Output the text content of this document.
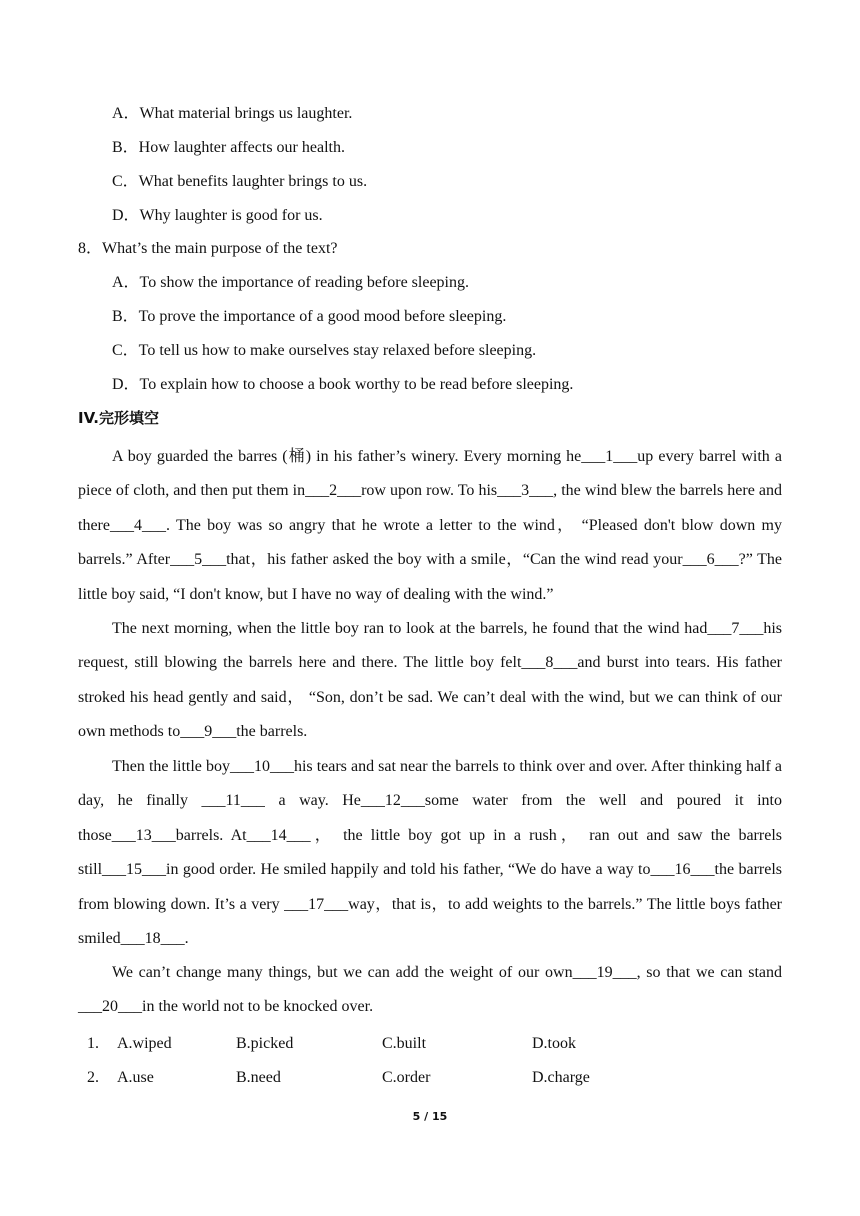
A．What material brings us laughter.
B．How laughter affects our health.
C．What benefits laughter brings to us.
D．Why laughter is good for us.
8．What’s the main purpose of the text?
A．To show the importance of reading before sleeping.
B．To prove the importance of a good mood before sleeping.
C．To tell us how to make ourselves stay relaxed before sleeping.
D．To explain how to choose a book worthy to be read before sleeping.
IV.完形填空
A boy guarded the barres (桶) in his father’s winery. Every morning he___1___up every barrel with a piece of cloth, and then put them in___2___row upon row. To his___3___, the wind blew the barrels here and there___4___. The boy was so angry that he wrote a letter to the wind， “Pleased don't blow down my barrels.” After___5___that，his father asked the boy with a smile，“Can the wind read your___6___?” The little boy said, “I don't know, but I have no way of dealing with the wind.”
The next morning, when the little boy ran to look at the barrels, he found that the wind had___7___his request, still blowing the barrels here and there. The little boy felt___8___and burst into tears. His father stroked his head gently and said， “Son, don’t be sad. We can’t deal with the wind, but we can think of our own methods to___9___the barrels.
Then the little boy___10___his tears and sat near the barrels to think over and over. After thinking half a day, he finally ___11___ a way. He___12___some water from the well and poured it into those___13___barrels. At___14___， the little boy got up in a rush， ran out and saw the barrels still___15___in good order. He smiled happily and told his father, “We do have a way to___16___the barrels from blowing down. It’s a very ___17___way，that is，to add weights to the barrels.” The little boys father smiled___18___.
We can’t change many things, but we can add the weight of our own___19___, so that we can stand ___20___in the world not to be knocked over.
1. A.wiped	B.picked	C.built	D.took
2. A.use	B.need	C.order	D.charge
5 / 15
